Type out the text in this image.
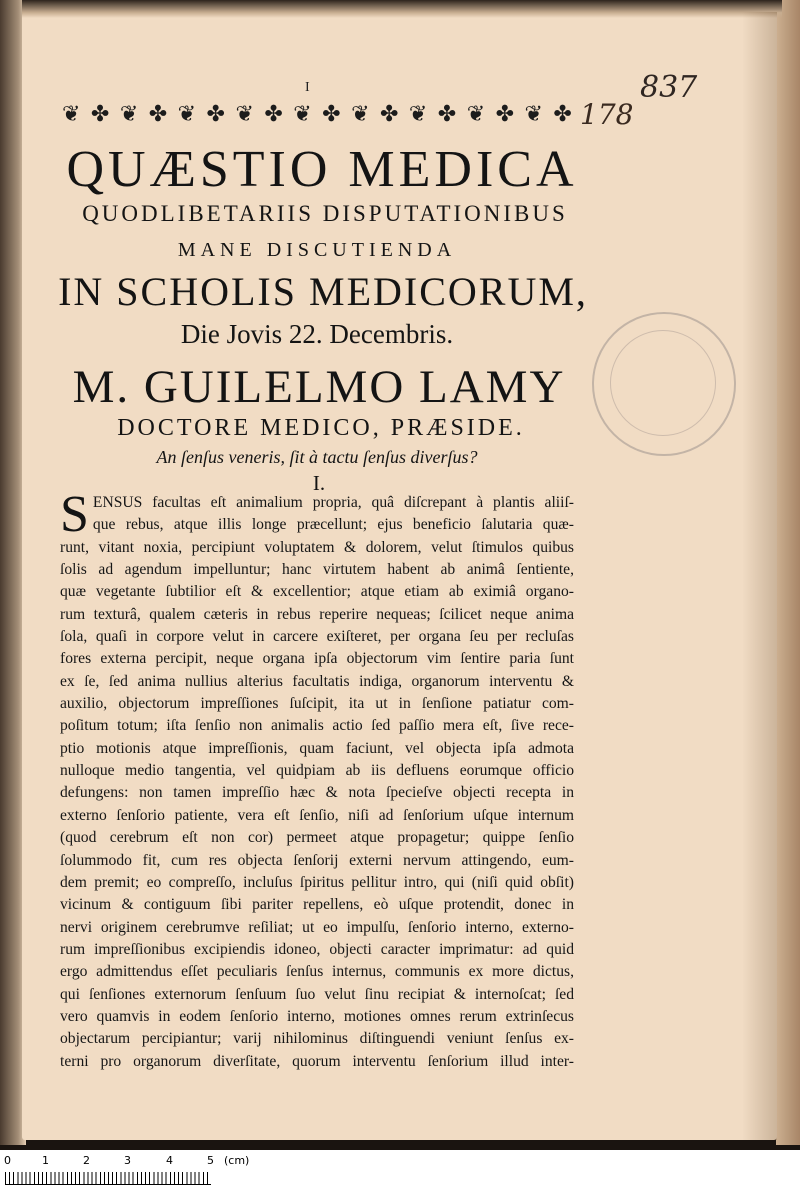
I	837
❦ ✤ ❦ ✤ ❦ ✤ ❦ ✤ ❦ ✤ ❦ ✤ ❦ ✤ ❦ ✤ ❦ ✤ 178
QUÆSTIO MEDICA
QUODLIBETARIIS DISPUTATIONIBUS
MANE DISCUTIENDA
IN SCHOLIS MEDICORUM,
Die Jovis 22. Decembris.
M. GUILELMO LAMY
DOCTORE MEDICO, PRÆSIDE.
An ſenſus veneris, ſit à tactu ſenſus diverſus?
I.
S ENSUS facultas eſt animalium propria, quâ diſcrepant à plantis aliiſ-
que rebus, atque illis longe præcellunt; ejus beneficio ſalutaria quæ-
runt, vitant noxia, percipiunt voluptatem & dolorem, velut ſtimulos quibus
ſolis ad agendum impelluntur; hanc virtutem habent ab animâ ſentiente,
quæ vegetante ſubtilior eſt & excellentior; atque etiam ab eximiâ organo-
rum texturâ, qualem cæteris in rebus reperire nequeas; ſcilicet neque anima
ſola, quaſi in corpore velut in carcere exiſteret, per organa ſeu per recluſas
fores externa percipit, neque organa ipſa objectorum vim ſentire paria ſunt
ex ſe, ſed anima nullius alterius facultatis indiga, organorum interventu &
auxilio, objectorum impreſſiones ſuſcipit, ita ut in ſenſione patiatur com-
poſitum totum; iſta ſenſio non animalis actio ſed paſſio mera eſt, ſive rece-
ptio motionis atque impreſſionis, quam faciunt, vel objecta ipſa admota
nulloque medio tangentia, vel quidpiam ab iis defluens eorumque officio
defungens: non tamen impreſſio hæc & nota ſpecieſve objecti recepta in
externo ſenſorio patiente, vera eſt ſenſio, niſi ad ſenſorium uſque internum
(quod cerebrum eſt non cor) permeet atque propagetur; quippe ſenſio
ſolummodo fit, cum res objecta ſenſorij externi nervum attingendo, eum-
dem premit; eo compreſſo, incluſus ſpiritus pellitur intro, qui (niſi quid obſit)
vicinum & contiguum ſibi pariter repellens, eò uſque protendit, donec in
nervi originem cerebrumve reſiliat; ut eo impulſu, ſenſorio interno, externo-
rum impreſſionibus excipiendis idoneo, objecti caracter imprimatur: ad quid
ergo admittendus eſſet peculiaris ſenſus internus, communis ex more dictus,
qui ſenſiones externorum ſenſuum ſuo velut ſinu recipiat & internoſcat; ſed
vero quamvis in eodem ſenſorio interno, motiones omnes rerum extrinſecus
objectarum percipiantur; varij nihilominus diſtinguendi veniunt ſenſus ex-
terni pro organorum diverſitate, quorum interventu ſenſorium illud inter-
0	1	2	3	4	5 (cm)
